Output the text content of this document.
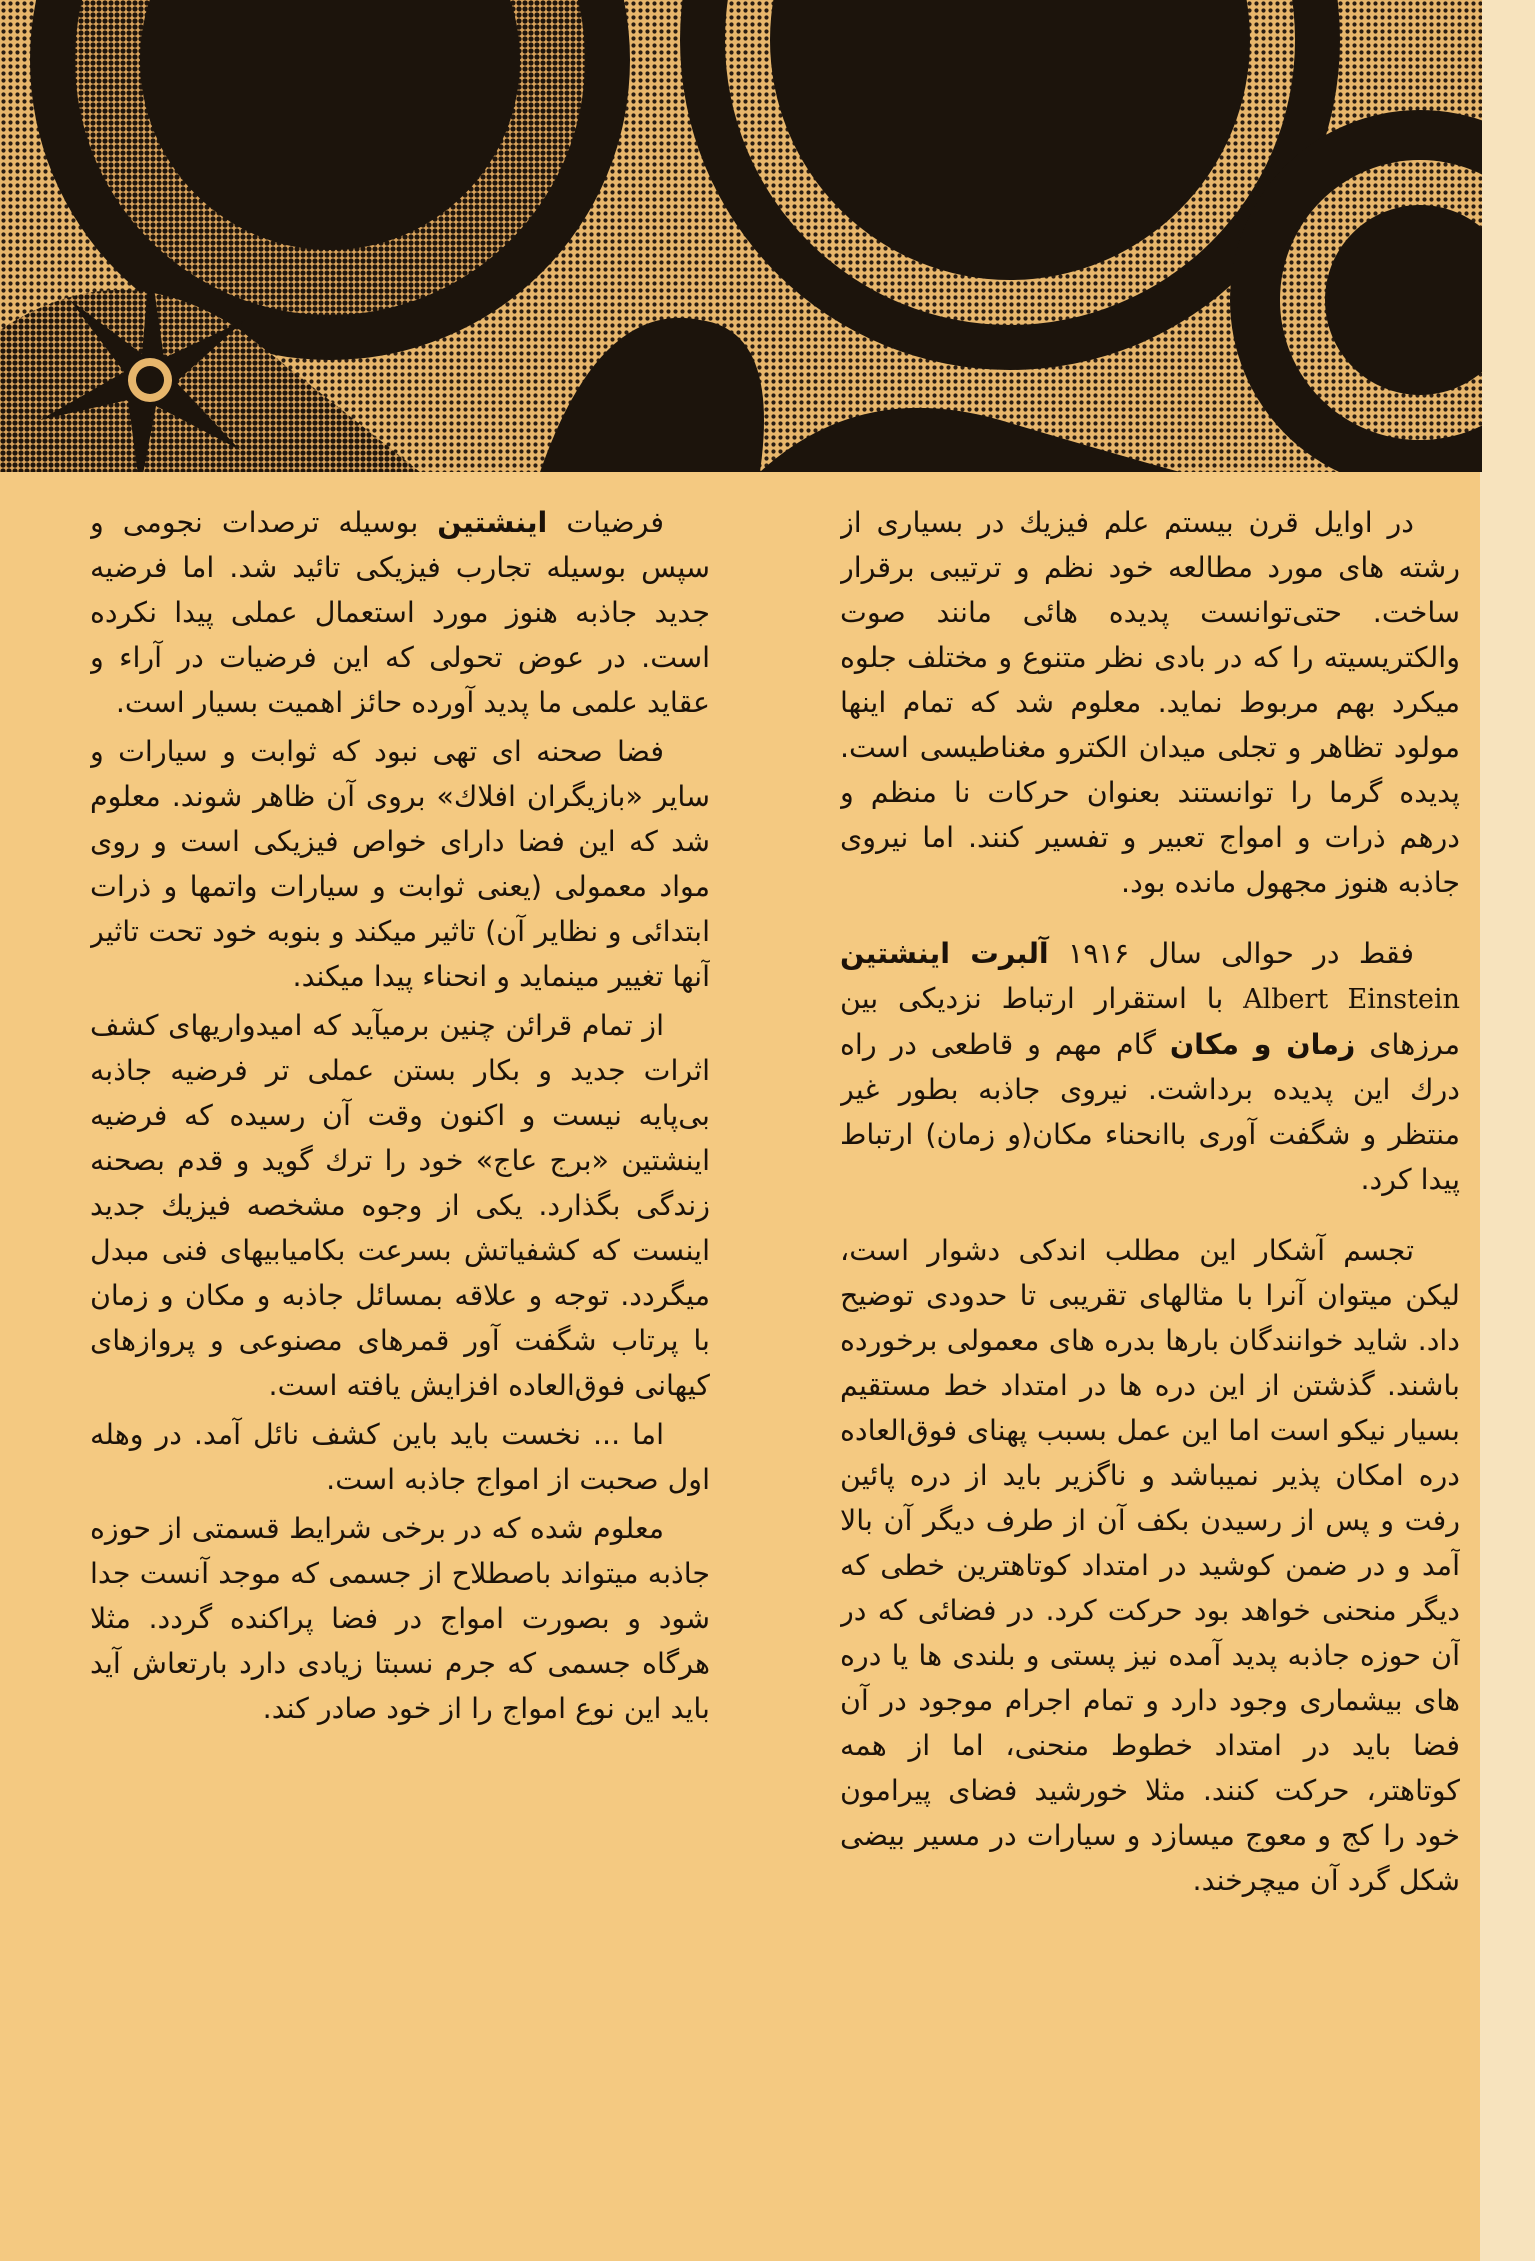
در اوایل قرن بیستم علم فیزیك در بسیاری از رشته های مورد مطالعه خود نظم و ترتیبی برقرار ساخت. حتی‌توانست پدیده هائی مانند صوت والکتریسیته را که در بادی نظر متنوع و مختلف جلوه میکرد بهم مربوط نماید. معلوم شد که تمام اینها مولود تظاهر و تجلی میدان الکترو مغناطیسی است. پدیده گرما را توانستند بعنوان حرکات نا منظم و درهم ذرات و امواج تعبیر و تفسیر کنند. اما نیروی جاذبه هنوز مجهول مانده بود.

فقط در حوالی سال ۱۹۱۶ آلبرت اینشتین Albert Einstein با استقرار ارتباط نزدیکی بین مرزهای زمان و مکان گام مهم و قاطعی در راه درك این پدیده برداشت. نیروی جاذبه بطور غیر منتظر و شگفت آوری باانحناء مکان(و زمان) ارتباط پیدا کرد.

تجسم آشکار این مطلب اندکی دشوار است، لیکن میتوان آنرا با مثالهای تقریبی تا حدودی توضیح داد. شاید خوانندگان بارها بدره های معمولی برخورده باشند. گذشتن از این دره ها در امتداد خط مستقیم بسیار نیکو است اما این عمل بسبب پهنای فوق‌العاده دره امکان پذیر نمیباشد و ناگزیر باید از دره پائین رفت و پس از رسیدن بکف آن از طرف دیگر آن بالا آمد و در ضمن کوشید در امتداد کوتاهترین خطی که دیگر منحنی خواهد بود حرکت کرد. در فضائی که در آن حوزه جاذبه پدید آمده نیز پستی و بلندی ها یا دره های بیشماری وجود دارد و تمام اجرام موجود در آن فضا باید در امتداد خطوط منحنی، اما از همه کوتاهتر، حرکت کنند. مثلا خورشید فضای پیرامون خود را کج و معوج میسازد و سیارات در مسیر بیضی شکل گرد آن میچرخند.

فرضیات اینشتین بوسیله ترصدات نجومی و سپس بوسیله تجارب فیزیکی تائید شد. اما فرضیه جدید جاذبه هنوز مورد استعمال عملی پیدا نکرده است. در عوض تحولی که این فرضیات در آراء و عقاید علمی ما پدید آورده حائز اهمیت بسیار است.

فضا صحنه ای تهی نبود که ثوابت و سیارات و سایر «بازیگران افلاك» بروی آن ظاهر شوند. معلوم شد که این فضا دارای خواص فیزیکی است و روی مواد معمولی (یعنی ثوابت و سیارات واتمها و ذرات ابتدائی و نظایر آن) تاثیر میکند و بنوبه خود تحت تاثیر آنها تغییر مینماید و انحناء پیدا میکند.

از تمام قرائن چنین برمیآید که امیدواریهای کشف اثرات جدید و بکار بستن عملی تر فرضیه جاذبه بی‌پایه نیست و اکنون وقت آن رسیده که فرضیه اینشتین «برج عاج» خود را ترك گوید و قدم بصحنه زندگی بگذارد. یکی از وجوه مشخصه فیزیك جدید اینست که کشفیاتش بسرعت بکامیابیهای فنی مبدل میگردد. توجه و علاقه بمسائل جاذبه و مکان و زمان با پرتاب شگفت آور قمرهای مصنوعی و پروازهای کیهانی فوق‌العاده افزایش یافته است.

اما ... نخست باید باین کشف نائل آمد. در وهله اول صحبت از امواج جاذبه است.

معلوم شده که در برخی شرایط قسمتی از حوزه جاذبه میتواند باصطلاح از جسمی که موجد آنست جدا شود و بصورت امواج در فضا پراکنده گردد. مثلا هرگاه جسمی که جرم نسبتا زیادی دارد بارتعاش آید باید این نوع امواج را از خود صادر کند.
